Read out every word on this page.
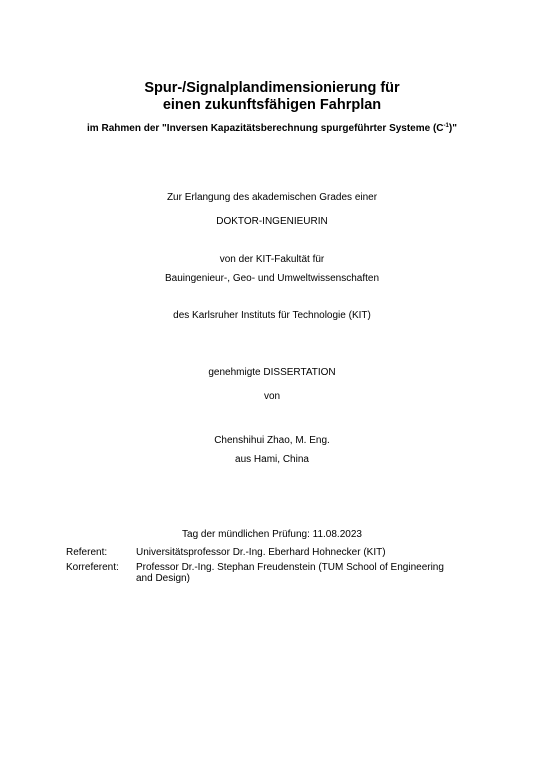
Spur-/Signalplandimensionierung für
einen zukunftsfähigen Fahrplan
im Rahmen der "Inversen Kapazitätsberechnung spurgeführter Systeme $(C^{-1})$"
Zur Erlangung des akademischen Grades einer
DOKTOR-INGENIEURIN
von der KIT-Fakultät für
Bauingenieur-, Geo- und Umweltwissenschaften
des Karlsruher Instituts für Technologie (KIT)
genehmigte DISSERTATION
von
Chenshihui Zhao, M. Eng.
aus Hami, China
Tag der mündlichen Prüfung: 11.08.2023
Referent:	Universitätsprofessor Dr.-Ing. Eberhard Hohnecker (KIT)
Korreferent:	Professor Dr.-Ing. Stephan Freudenstein (TUM School of Engineering
and Design)
